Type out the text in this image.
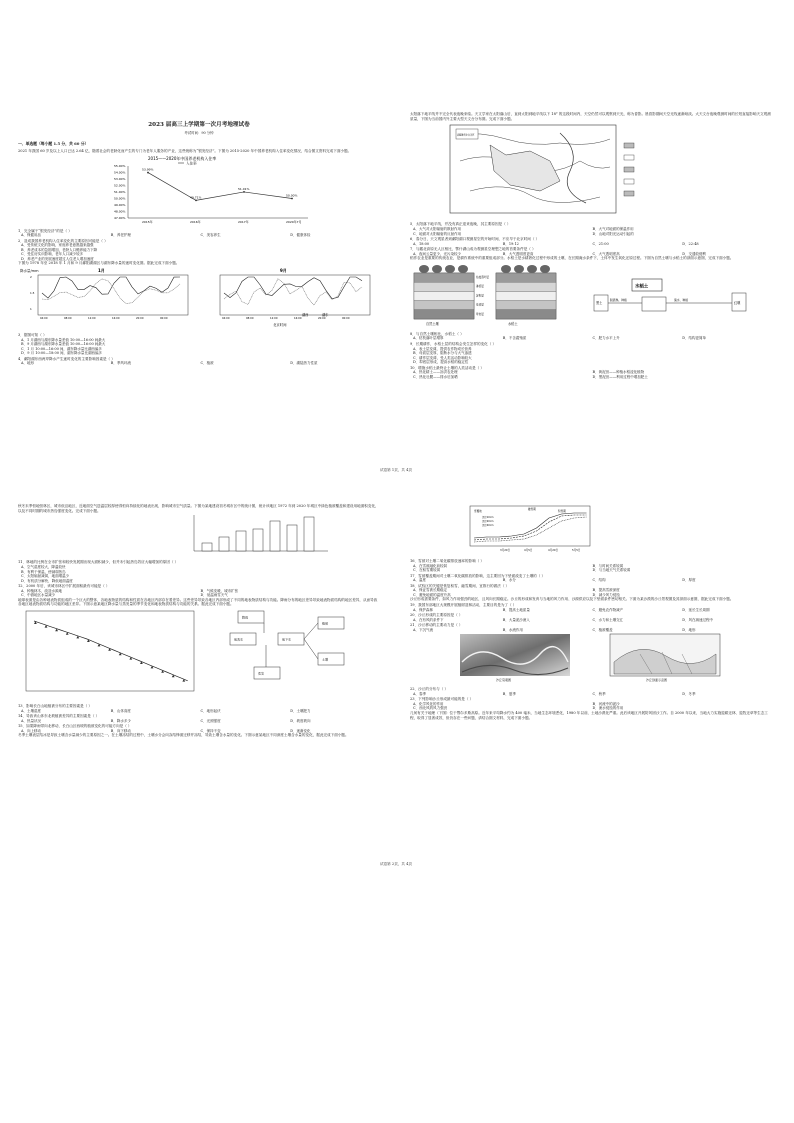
2023 届高三上学期第一次月考地理试卷
考试时间：90 分钟
一、单选题（每小题 1.5 分，共 60 分）

2021 年我国 60 岁及以上人口已达 2.64 亿，随着社会的老龄化而产生的专门为老年人服务的产业，这些统称为“银发经济”。下图为 2015-2020 年中国养老机构入住率变化情况，结合图文资料完成下面小题。

2015——2020年中国养老机构入住率
入住率
47.00%
48.00%
49.00%
50.00%
51.00%
52.00%
53.00%
54.00%
55.00%
2015年	2016年	2017年	2020年7月
53.99%
49.71%
51.01%
50.00%

1．完全属于“银发经济”的是（ ）

A．保健用品	B．养老护理	C．美容养生	D．健康体检

2．造成我国养老机构入住率变化的主要原因可能是（ ）

A．受传统文化的影响，家庭养老意愿越来越强
B．养老成本的急剧增加，老龄人口赡养能力下降
C．受住房实训影响，老年人口减少较多
D．养老产业的发展速度超过人住老人增加速度

下图为 1978 年至 2018 年 1 月和 9 月鄱阳湖湖区与湖东降水量的逐时变化图。据此完成下面小题。

降水量/mm	1月	9月
04:00	08:00	12:00	16:00	20:00	00:00
2
1.5
1
04:00	08:00	12:00	16:00	20:00	00:00
北京时间
湖西	湖东

3．据图可知（ ）

A．1 月湖西与湖东降水量差值 10:00—16:00 间最大
B．9 月湖西与湖东降水量差值 10:00—16:00 间最大
C．1 月 10:00—16:00 间，湖东降水量比湖西偏多
D．9 月 10:00—18:00 间，湖东降水量比湖西偏多

4．鄱阳湖东西两岸降水产生逐时变化的主要影响因素是（ ）

A．地形	B．季风环流	C．植被	D．湖陆热力性质

太阳落下地平线并不完全代表夜晚来临。天文学家在太阳落山后，直到太阳到地平线以下 18° 的这段时间内，天空仍然可以观察到天光，称为昏影。晨昏影期间天空光线逐渐暗淡。大天文台夜晚观测时间的长短直接影响天文观测质量，下图为当前国内外主要大型天文台分布图。完成下面小题。

新疆维吾尔自治区

5．太阳落下地平线，并没有真正迎来夜晚，其主要原因是（ ）

A．大气对太阳辐射的散射作用	B．大气对地面的保温作用
C．地面对太阳辐射的反射作用	D．山地对阳光运动引起的

6．春分日，天文观星者到鄱阳湖口观测星空的开始时间，不应早于北京时间（ ）

A．18:00	B．19:12	C．21:00	D．22:48

7．与藏北高原无人区相比，鄂什湖山成为观测星空理想之地的首要条件是（ ）

A．夜间云量更少、光污染较少	B．大气透明度更高	C．大气透明度高	D．交通较便利

稻作农业是重要的传统农业，是耕作系统中的重要组成部分。水稻土是水耕熟化过程中形成的土壤，在长期淹水条件下，土体中发生氧化还原过程。下图为自然土壤与水稻土的剖面示意图，完成下面小题。

枯枝落叶层
淋溶层
淀积层
母质层
母岩层
自然土壤	水稻土
水稻土
黑土
脱潜熟、种植	演水、种植
红壤

8．与自然土壤相比，水稻土（ ）

A．枯枝落叶层增厚	B．不含腐殖质	C．肥力水平上升	D．结构更简单

9．长期耕作，水稻土层的结构会发生怎样的变化（ ）

A．表土层变薄，提供农作物成长营养
B．母质层变厚，阻断水分与大气渗透
C．耕作层变薄，受人类活动影响较大
D．犁底层形成，提高水稻的稳定性

10．增施水稻土最终让土壤的人类活动是（ ）

A．热化耕土——沥洪农处理	B．黄泥田——种植水稻浸化植物
C．热化壮膜——排水后加晒	D．黑泥田——利用过程中增加肥土
试卷第 1页，共 4页

秋冬末季恒地恒林区，城市低洼地区，近地面空气逆温层较厚使得恒向持续化的地表出现，影响城市空气质量。下图为某地建设初冬城市区中的统计图，统计该地区 1972 年到 2020 年城区中绿色植被覆盖和建设用地面积变化，以及不同时期的城市热岛强度变化。完成下面小题。

11．林地的比例在全市扩张和较快发展期出现大面积减少，但并未引起热岛效应大幅增加的原因（ ）

A．空气湿度较大，降温较快
B．有利于保温，使减弱热岛
C．太阳辐射减弱，地面增温少
D．有机质分解快，降低地面温度

12．2000 年后，该城市林区中扩展面积最有可能是（ ）

A．种植林木，改造水源地	B．气候变暖，城市扩张
C．中游地区水量减少	D．低温雨雪天气

地球表面是由各种地表物质组成的一个巨大的整体，各地表物质的结构和性质在各地区内部存在着差异。这些差异导致各地区内部形成了不同的地表物质结构与功能。降雨分布的地区差异导致地表物质结构的地区差异，从而导致各地区地表物质结构与功能的地区差异。下图示意某地区降水量与蒸发量的季节变化和地表物质结构与功能的关系。据此完成下面小题。

降雨
地表水	地下水
植被
土壤
蒸发

13．影响长白山地植被分布的主要因素是（ ）

A．土壤湿度	B．山体高度	C．地形起伏	D．土壤肥力

14．导致该山体东北坡植被差异的主要因素是（ ）

A．热量状况	B．降水多少	C．光照强度	D．坡度坡向

15．如果降雨带向北移动，长白山区西坡的植被变化的可能方向是（ ）

A．向上移动	B．向下移动	C．保持不变	D．逐渐变化

冬季土壤表层结冰是导致土壤含水量减少的主要原因之一。在土壤冻结的过程中，土壤水分会向冻结锋面迁移并冻结，导致土壤含水量的变化。下图示意某地区不同深度土壤含水量的变化，据此完成下面小题。

雪覆地
融雪期
积雪期
3月20日	4月5日	4月20日	5月5日
深度10cm
深度20cm
深度40cm

16．雪被对土壤二氧化碳排放速率的影响（ ）

A．在雪被融化前较弱	B．与时间关系较弱
C．在积雪期较弱	D．与当地天气关系较弱

17．雪被覆盖期间对土壤二氧化碳排放的影响，这主要因为下垫面改变了土壤的（ ）

A．温度	B．水分	C．结构	D．厚度

18．试验区的关键是恢复积雪，融雪期间，宜推行的做法（ ）

A．保证雪被长期稳定	B．提高雪被深度
C．避免地面的温度升高	D．减少风力侵蚀

沙丘形成需要条件，如风力作用强劲的地区，且风向长期稳定。沙丘的形成和发育与当地的风力作用、沙源供应以及下垫面条件密切相关。下面为某沙漠的沙丘景观图及其剖面示意图，据此完成下面小题。

19．我国东部地区大规模开展植树造林活动，主要目的是为了（ ）

A．保护森林	B．提高土地质量	C．避免农作物减产	D．延长生长周期

20．沙丘形成的主要原因是（ ）

A．在有风的条件下	B．大量泥沙流入	C．水力和土壤交汇	D．风在减速过程中

21．沙丘移动的主要动力是（ ）

A．下沉气流	B．水流作用	C．植被覆盖	D．地形
沙丘景观图	沙丘剖面示意图

22．沙丘的分布与（ ）

A．春季	B．夏季	C．秋季	D．冬季

23．下列影响沙丘形成最可能的是（ ）

A．化学风化的作用	B．河流中的泥沙
C．西北风的风力强劲	D．流水侵蚀的作用

几何有关于地理（下图）位于鄂尔多斯高原。近年来平均降水约为 400 毫米，当地生态环境恶化，1980 年以前，土地沙漠化严重。此后该地区开展防风固沙工作。自 2000 年以来，当地大力实施退耕还林、退牧还草等生态工程，取得了显著成效，但仍存在一些问题，请结合图文材料，完成下面小题。

试卷第 2页，共 4页
